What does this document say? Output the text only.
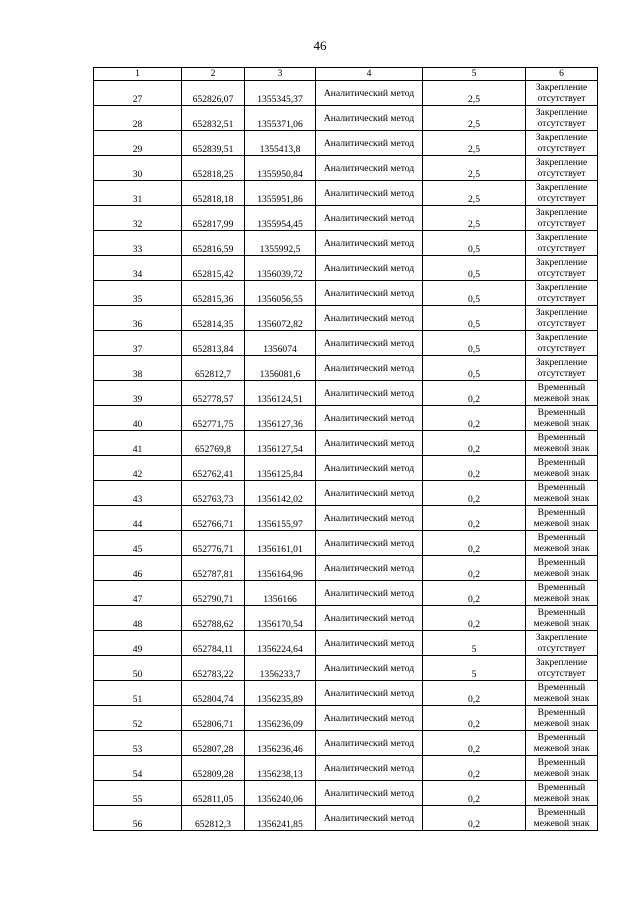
46
1	2	3	4	5	6
27	652826,07	1355345,37	Аналитический метод	2,5	Закрепление отсутствует
28	652832,51	1355371,06	Аналитический метод	2,5	Закрепление отсутствует
29	652839,51	1355413,8	Аналитический метод	2,5	Закрепление отсутствует
30	652818,25	1355950,84	Аналитический метод	2,5	Закрепление отсутствует
31	652818,18	1355951,86	Аналитический метод	2,5	Закрепление отсутствует
32	652817,99	1355954,45	Аналитический метод	2,5	Закрепление отсутствует
33	652816,59	1355992,5	Аналитический метод	0,5	Закрепление отсутствует
34	652815,42	1356039,72	Аналитический метод	0,5	Закрепление отсутствует
35	652815,36	1356056,55	Аналитический метод	0,5	Закрепление отсутствует
36	652814,35	1356072,82	Аналитический метод	0,5	Закрепление отсутствует
37	652813,84	1356074	Аналитический метод	0,5	Закрепление отсутствует
38	652812,7	1356081,6	Аналитический метод	0,5	Закрепление отсутствует
39	652778,57	1356124,51	Аналитический метод	0,2	Временный межевой знак
40	652771,75	1356127,36	Аналитический метод	0,2	Временный межевой знак
41	652769,8	1356127,54	Аналитический метод	0,2	Временный межевой знак
42	652762,41	1356125,84	Аналитический метод	0,2	Временный межевой знак
43	652763,73	1356142,02	Аналитический метод	0,2	Временный межевой знак
44	652766,71	1356155,97	Аналитический метод	0,2	Временный межевой знак
45	652776,71	1356161,01	Аналитический метод	0,2	Временный межевой знак
46	652787,81	1356164,96	Аналитический метод	0,2	Временный межевой знак
47	652790,71	1356166	Аналитический метод	0,2	Временный межевой знак
48	652788,62	1356170,54	Аналитический метод	0,2	Временный межевой знак
49	652784,11	1356224,64	Аналитический метод	5	Закрепление отсутствует
50	652783,22	1356233,7	Аналитический метод	5	Закрепление отсутствует
51	652804,74	1356235,89	Аналитический метод	0,2	Временный межевой знак
52	652806,71	1356236,09	Аналитический метод	0,2	Временный межевой знак
53	652807,28	1356236,46	Аналитический метод	0,2	Временный межевой знак
54	652809,28	1356238,13	Аналитический метод	0,2	Временный межевой знак
55	652811,05	1356240,06	Аналитический метод	0,2	Временный межевой знак
56	652812,3	1356241,85	Аналитический метод	0,2	Временный межевой знак
